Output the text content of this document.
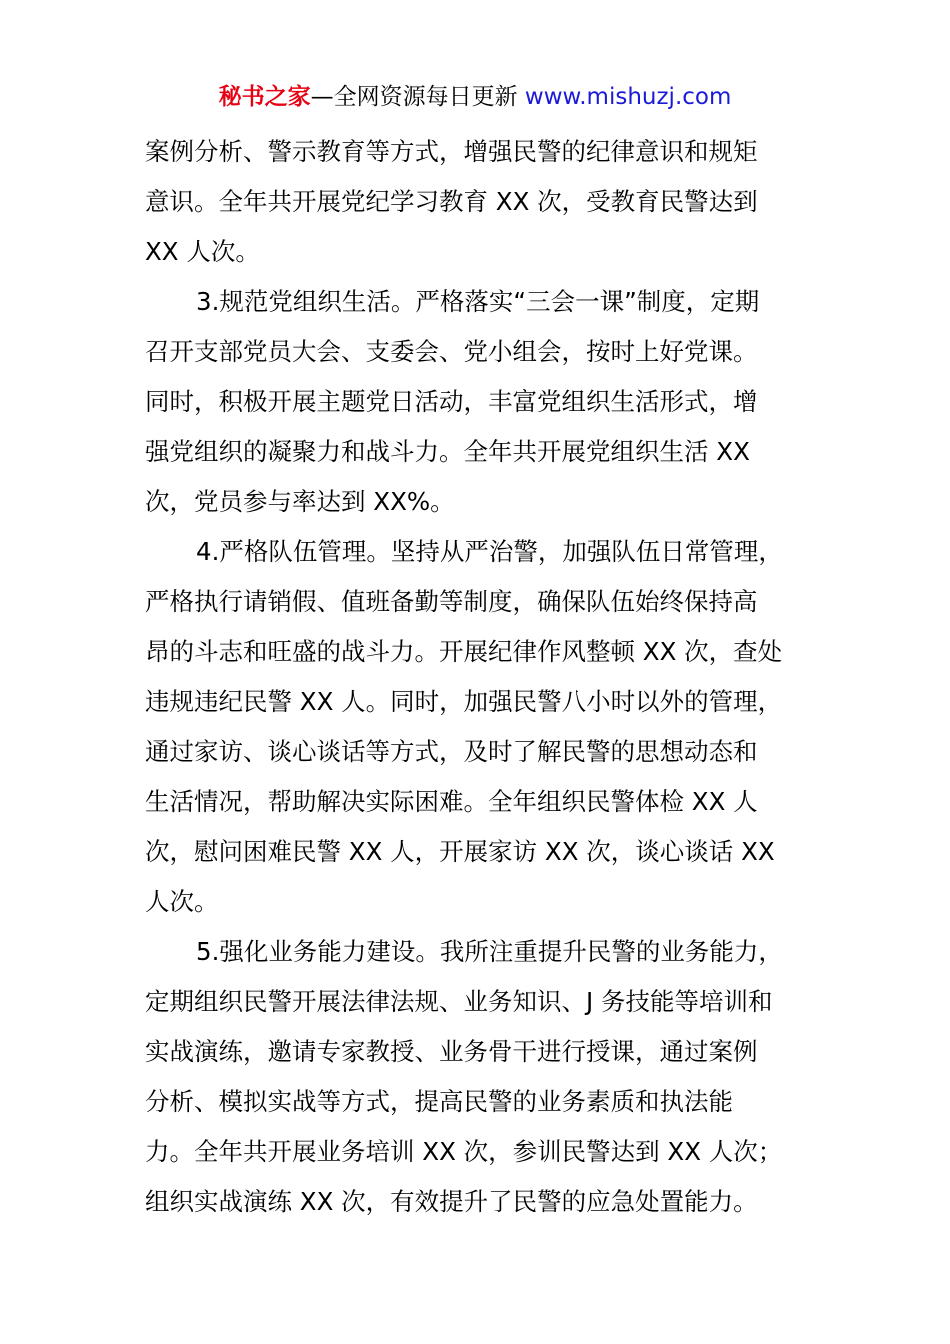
秘书之家—全网资源每日更新 www.mishuzj.com
案例分析、警示教育等方式，增强民警的纪律意识和规矩
意识。全年共开展党纪学习教育 XX 次，受教育民警达到
XX 人次。
3.规范党组织生活。严格落实“三会一课”制度，定期
召开支部党员大会、支委会、党小组会，按时上好党课。
同时，积极开展主题党日活动，丰富党组织生活形式，增
强党组织的凝聚力和战斗力。全年共开展党组织生活 XX
次，党员参与率达到 XX%。
4.严格队伍管理。坚持从严治警，加强队伍日常管理，
严格执行请销假、值班备勤等制度，确保队伍始终保持高
昂的斗志和旺盛的战斗力。开展纪律作风整顿 XX 次，查处
违规违纪民警 XX 人。同时，加强民警八小时以外的管理，
通过家访、谈心谈话等方式，及时了解民警的思想动态和
生活情况，帮助解决实际困难。全年组织民警体检 XX 人
次，慰问困难民警 XX 人，开展家访 XX 次，谈心谈话 XX
人次。
5.强化业务能力建设。我所注重提升民警的业务能力，
定期组织民警开展法律法规、业务知识、J 务技能等培训和
实战演练，邀请专家教授、业务骨干进行授课，通过案例
分析、模拟实战等方式，提高民警的业务素质和执法能
力。全年共开展业务培训 XX 次，参训民警达到 XX 人次；
组织实战演练 XX 次，有效提升了民警的应急处置能力。
